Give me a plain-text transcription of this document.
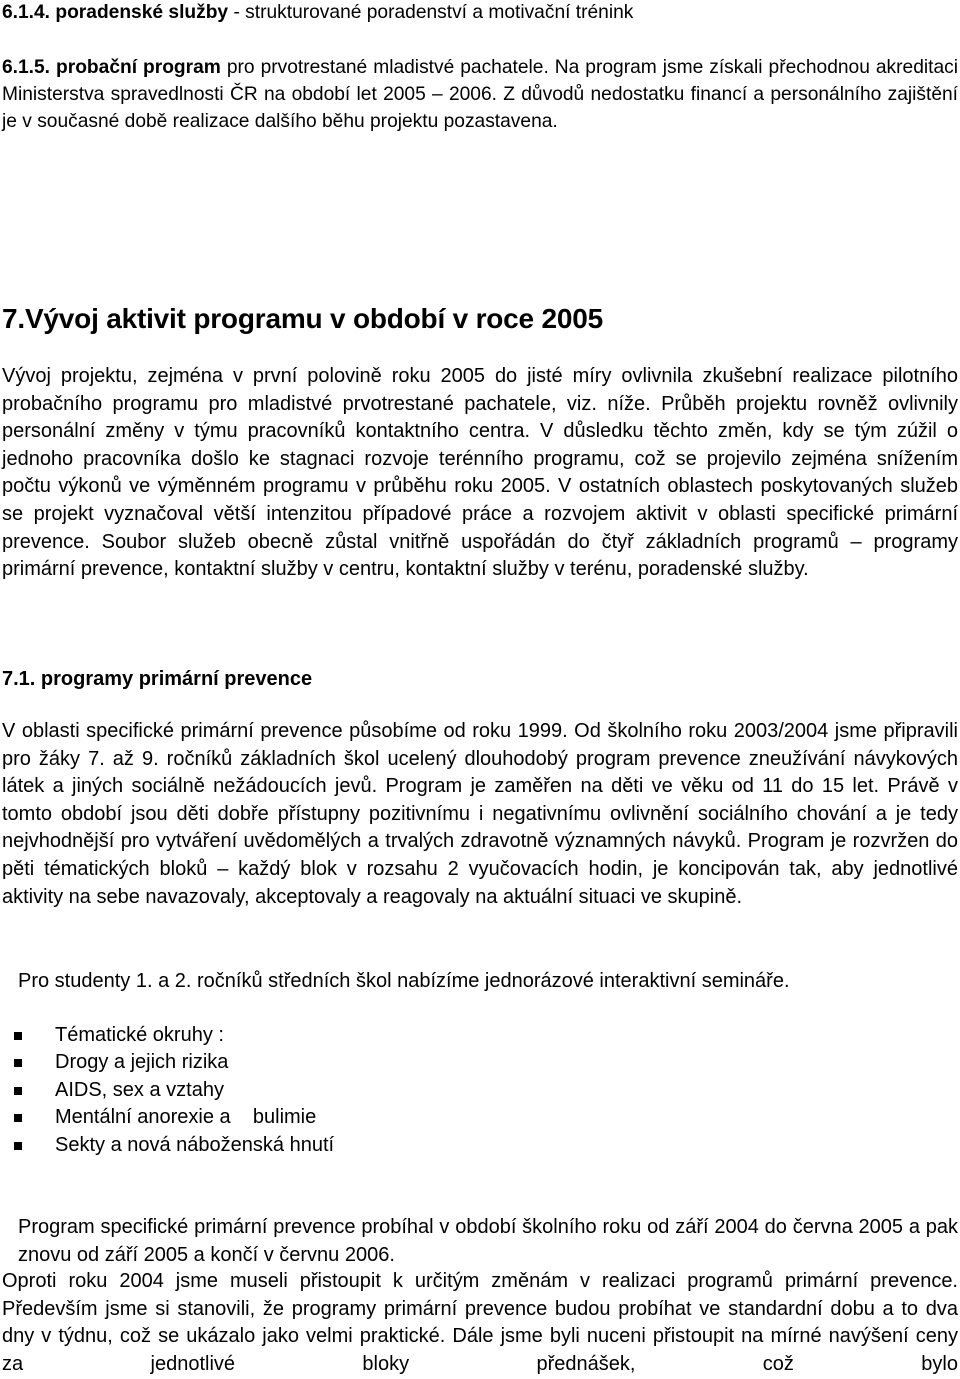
6.1.4. poradenské služby - strukturované poradenství a motivační trénink

6.1.5. probační program pro prvotrestané mladistvé pachatele. Na program jsme získali přechodnou akreditaci Ministerstva spravedlnosti ČR na období let 2005 – 2006. Z důvodů nedostatku financí a personálního zajištění je v současné době realizace dalšího běhu projektu pozastavena.

7.Vývoj aktivit programu v období v roce 2005

Vývoj projektu, zejména v první polovině roku 2005 do jisté míry ovlivnila zkušební realizace pilotního probačního programu pro mladistvé prvotrestané pachatele, viz. níže. Průběh projektu rovněž ovlivnily personální změny v týmu pracovníků kontaktního centra. V důsledku těchto změn, kdy se tým zúžil o jednoho pracovníka došlo ke stagnaci rozvoje terénního programu, což se projevilo zejména snížením počtu výkonů ve výměnném programu v průběhu roku 2005. V ostatních oblastech poskytovaných služeb se projekt vyznačoval větší intenzitou případové práce a rozvojem aktivit v oblasti specifické primární prevence. Soubor služeb obecně zůstal vnitřně uspořádán do čtyř základních programů – programy primární prevence, kontaktní služby v centru, kontaktní služby v terénu, poradenské služby.

7.1. programy primární prevence

V oblasti specifické primární prevence působíme od roku 1999. Od školního roku 2003/2004 jsme připravili pro žáky 7. až 9. ročníků základních škol ucelený dlouhodobý program prevence zneužívání návykových látek a jiných sociálně nežádoucích jevů. Program je zaměřen na děti ve věku od 11 do 15 let. Právě v tomto období jsou děti dobře přístupny pozitivnímu i negativnímu ovlivnění sociálního chování a je tedy nejvhodnější pro vytváření uvědomělých a trvalých zdravotně významných návyků. Program je rozvržen do pěti tématických bloků – každý blok v rozsahu 2 vyučovacích hodin, je koncipován tak, aby jednotlivé aktivity na sebe navazovaly, akceptovaly a reagovaly na aktuální situaci ve skupině.

Pro studenty 1. a 2. ročníků středních škol nabízíme jednorázové interaktivní semináře.

Tématické okruhy :
Drogy a jejich rizika
AIDS, sex a vztahy
Mentální anorexie a    bulimie
Sekty a nová náboženská hnutí

Program specifické primární prevence probíhal v období školního roku od září 2004 do června 2005 a pak znovu od září 2005 a končí v červnu 2006.

Oproti roku 2004 jsme museli přistoupit k určitým změnám v realizaci programů primární prevence. Především jsme si stanovili, že programy primární prevence budou probíhat ve standardní dobu a to dva dny v týdnu, což se ukázalo jako velmi praktické. Dále jsme byli nuceni přistoupit na mírné navýšení ceny za jednotlivé bloky přednášek, což bylo
